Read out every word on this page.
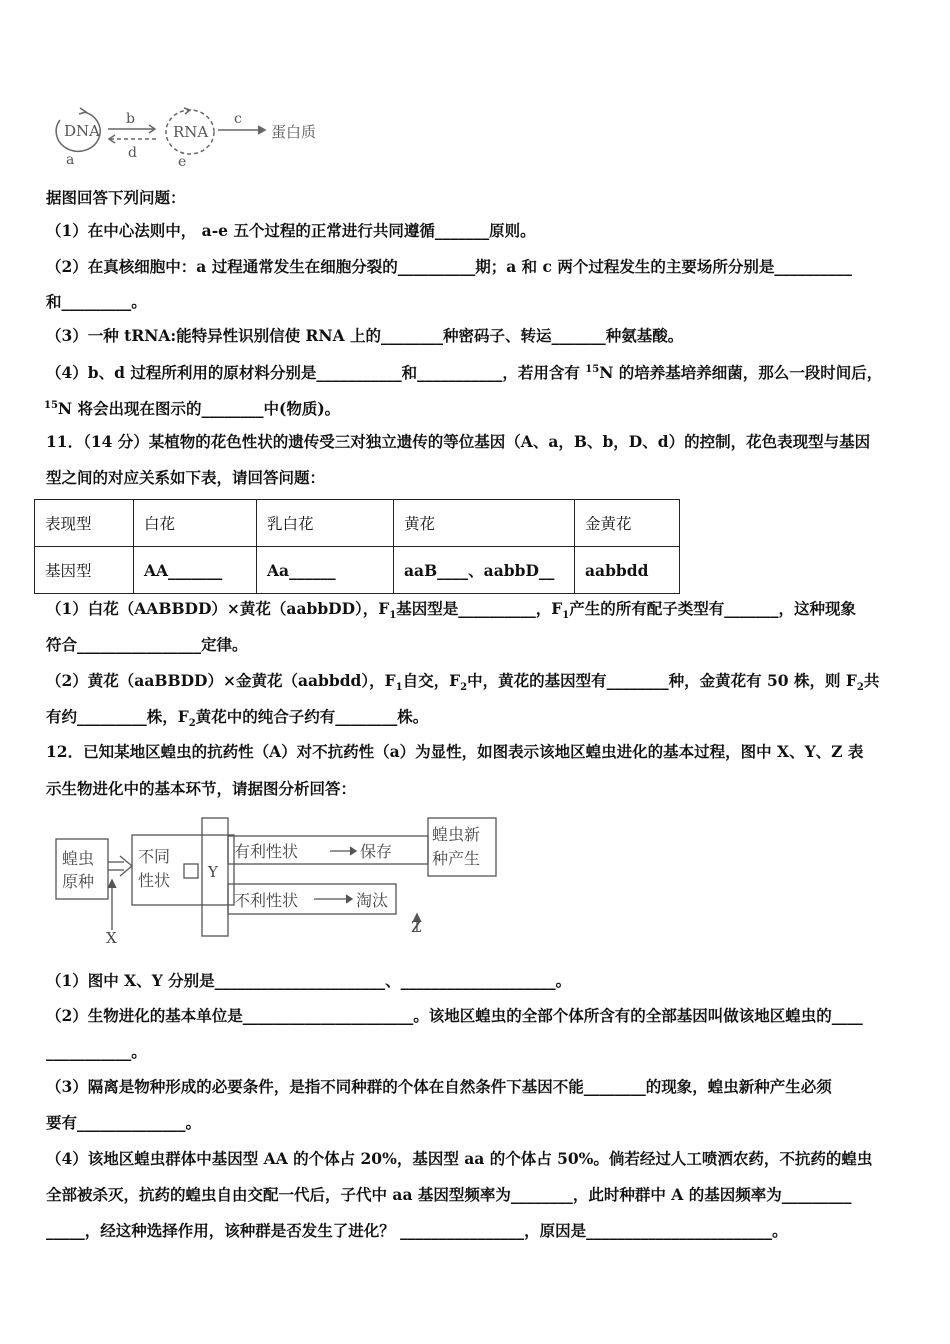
DNA	RNA	蛋白质
a
b
d
e
c
据图回答下列问题：
（1）在中心法则中， a-e 五个过程的正常进行共同遵循_______原则。
（2）在真核细胞中：a 过程通常发生在细胞分裂的__________期；a 和 c 两个过程发生的主要场所分别是__________
和_________。
（3）一种 tRNA:能特异性识别信使 RNA 上的________种密码子、转运_______种氨基酸。
（4）b、d 过程所利用的原材料分别是___________和___________，若用含有 $^{15}$N 的培养基培养细菌，那么一段时间后，
$^{15}$N 将会出现在图示的________中(物质)。
11．（14 分）某植物的花色性状的遗传受三对独立遗传的等位基因（A、a，B、b，D、d）的控制，花色表现型与基因
型之间的对应关系如下表，请回答问题：
表现型	白花	乳白花	黄花	金黄花
基因型	AA_______	Aa______	aaB____、aabbD__	aabbdd
（1）白花（AABBDD）×黄花（aabbDD），$F_1$基因型是__________，$F_1$产生的所有配子类型有_______，这种现象
符合________________定律。
（2）黄花（aaBBDD）×金黄花（aabbdd），$F_1$自交，$F_2$中，黄花的基因型有________种，金黄花有 50 株，则 $F_2$共
有约_________株，$F_2$黄花中的纯合子约有________株。
12．已知某地区蝗虫的抗药性（A）对不抗药性（a）为显性，如图表示该地区蝗虫进化的基本过程，图中 X、Y、Z 表
示生物进化中的基本环节，请据图分析回答：
蝗虫
原种
不同
性状	Y
有利性状	保存
不利性状	淘汰
蝗虫新
种产生
X
Z
（1）图中 X、Y 分别是______________________、____________________。
（2）生物进化的基本单位是______________________。该地区蝗虫的全部个体所含有的全部基因叫做该地区蝗虫的____
___________。
（3）隔离是物种形成的必要条件，是指不同种群的个体在自然条件下基因不能________的现象，蝗虫新种产生必须
要有______________。
（4）该地区蝗虫群体中基因型 AA 的个体占 20%，基因型 aa 的个体占 50%。倘若经过人工喷洒农药，不抗药的蝗虫
全部被杀灭，抗药的蝗虫自由交配一代后，子代中 aa 基因型频率为________，此时种群中 A 的基因频率为_________
_____，经这种选择作用，该种群是否发生了进化？ ________________，原因是________________________。
